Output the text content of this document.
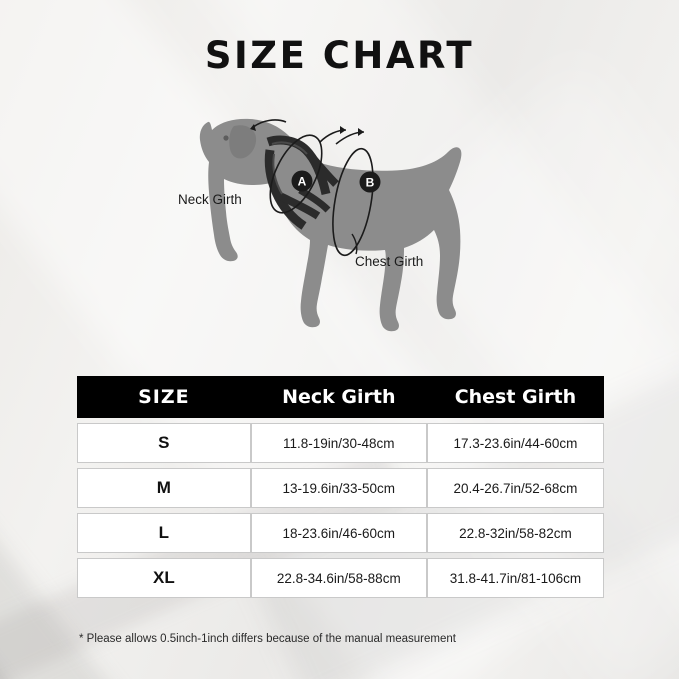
SIZE CHART
A	B
Neck Girth
Chest Girth
SIZE	Neck Girth	Chest Girth
S	11.8-19in/30-48cm	17.3-23.6in/44-60cm
M	13-19.6in/33-50cm	20.4-26.7in/52-68cm
L	18-23.6in/46-60cm	22.8-32in/58-82cm
XL	22.8-34.6in/58-88cm	31.8-41.7in/81-106cm
* Please allows 0.5inch-1inch differs because of the manual measurement
